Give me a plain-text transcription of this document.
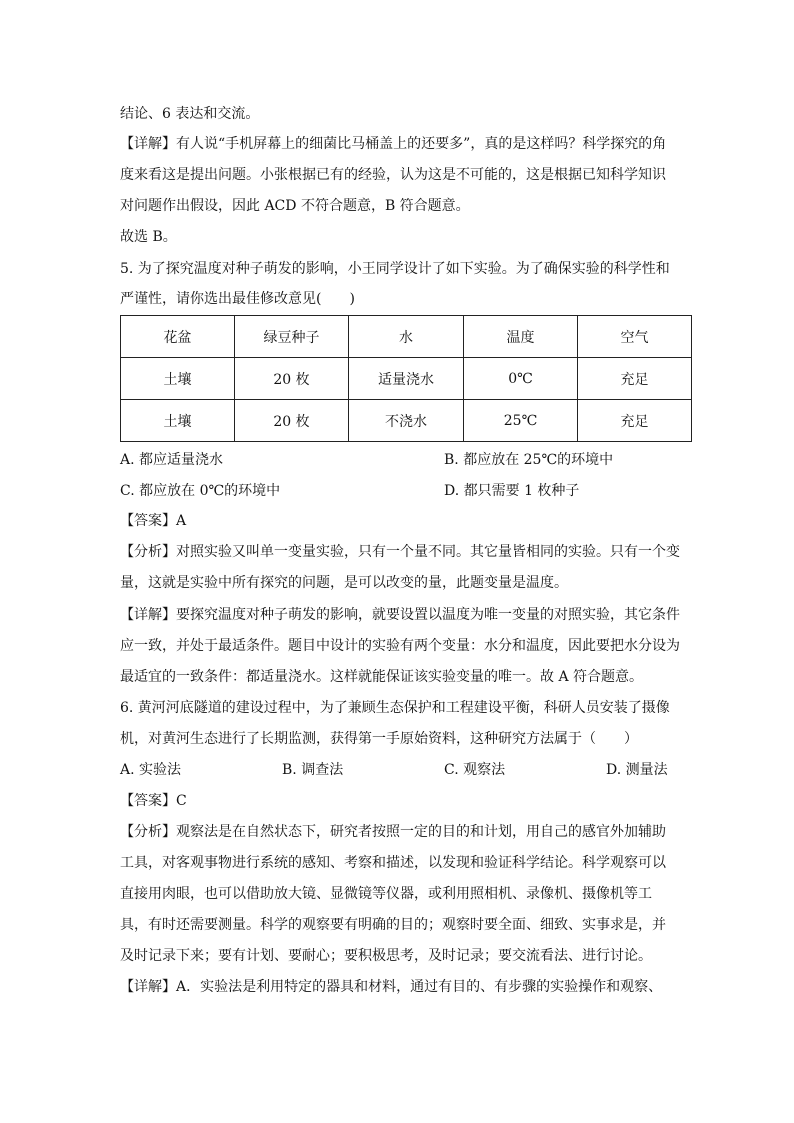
结论、6 表达和交流。
【详解】有人说“手机屏幕上的细菌比马桶盖上的还要多”，真的是这样吗？科学探究的角
度来看这是提出问题。小张根据已有的经验，认为这是不可能的，这是根据已知科学知识
对问题作出假设，因此 ACD 不符合题意，B 符合题意。
故选 B。
5. 为了探究温度对种子萌发的影响，小王同学设计了如下实验。为了确保实验的科学性和
严谨性，请你选出最佳修改意见(　　)
花盆	绿豆种子	水	温度	空气
土壤	20 枚	适量浇水	0℃	充足
土壤	20 枚	不浇水	25℃	充足
A. 都应适量浇水	B. 都应放在 25℃的环境中
C. 都应放在 0℃的环境中	D. 都只需要 1 枚种子
【答案】A
【分析】对照实验又叫单一变量实验，只有一个量不同。其它量皆相同的实验。只有一个变
量，这就是实验中所有探究的问题，是可以改变的量，此题变量是温度。
【详解】要探究温度对种子萌发的影响，就要设置以温度为唯一变量的对照实验，其它条件
应一致，并处于最适条件。题目中设计的实验有两个变量：水分和温度，因此要把水分设为
最适宜的一致条件：都适量浇水。这样就能保证该实验变量的唯一。故 A 符合题意。
6. 黄河河底隧道的建设过程中，为了兼顾生态保护和工程建设平衡，科研人员安装了摄像
机，对黄河生态进行了长期监测，获得第一手原始资料，这种研究方法属于（　　）
A. 实验法	B. 调查法	C. 观察法	D. 测量法
【答案】C
【分析】观察法是在自然状态下，研究者按照一定的目的和计划，用自己的感官外加辅助
工具，对客观事物进行系统的感知、考察和描述，以发现和验证科学结论。科学观察可以
直接用肉眼，也可以借助放大镜、显微镜等仪器，或利用照相机、录像机、摄像机等工
具，有时还需要测量。科学的观察要有明确的目的；观察时要全面、细致、实事求是，并
及时记录下来；要有计划、要耐心；要积极思考，及时记录；要交流看法、进行讨论。
【详解】A．实验法是利用特定的器具和材料，通过有目的、有步骤的实验操作和观察、
